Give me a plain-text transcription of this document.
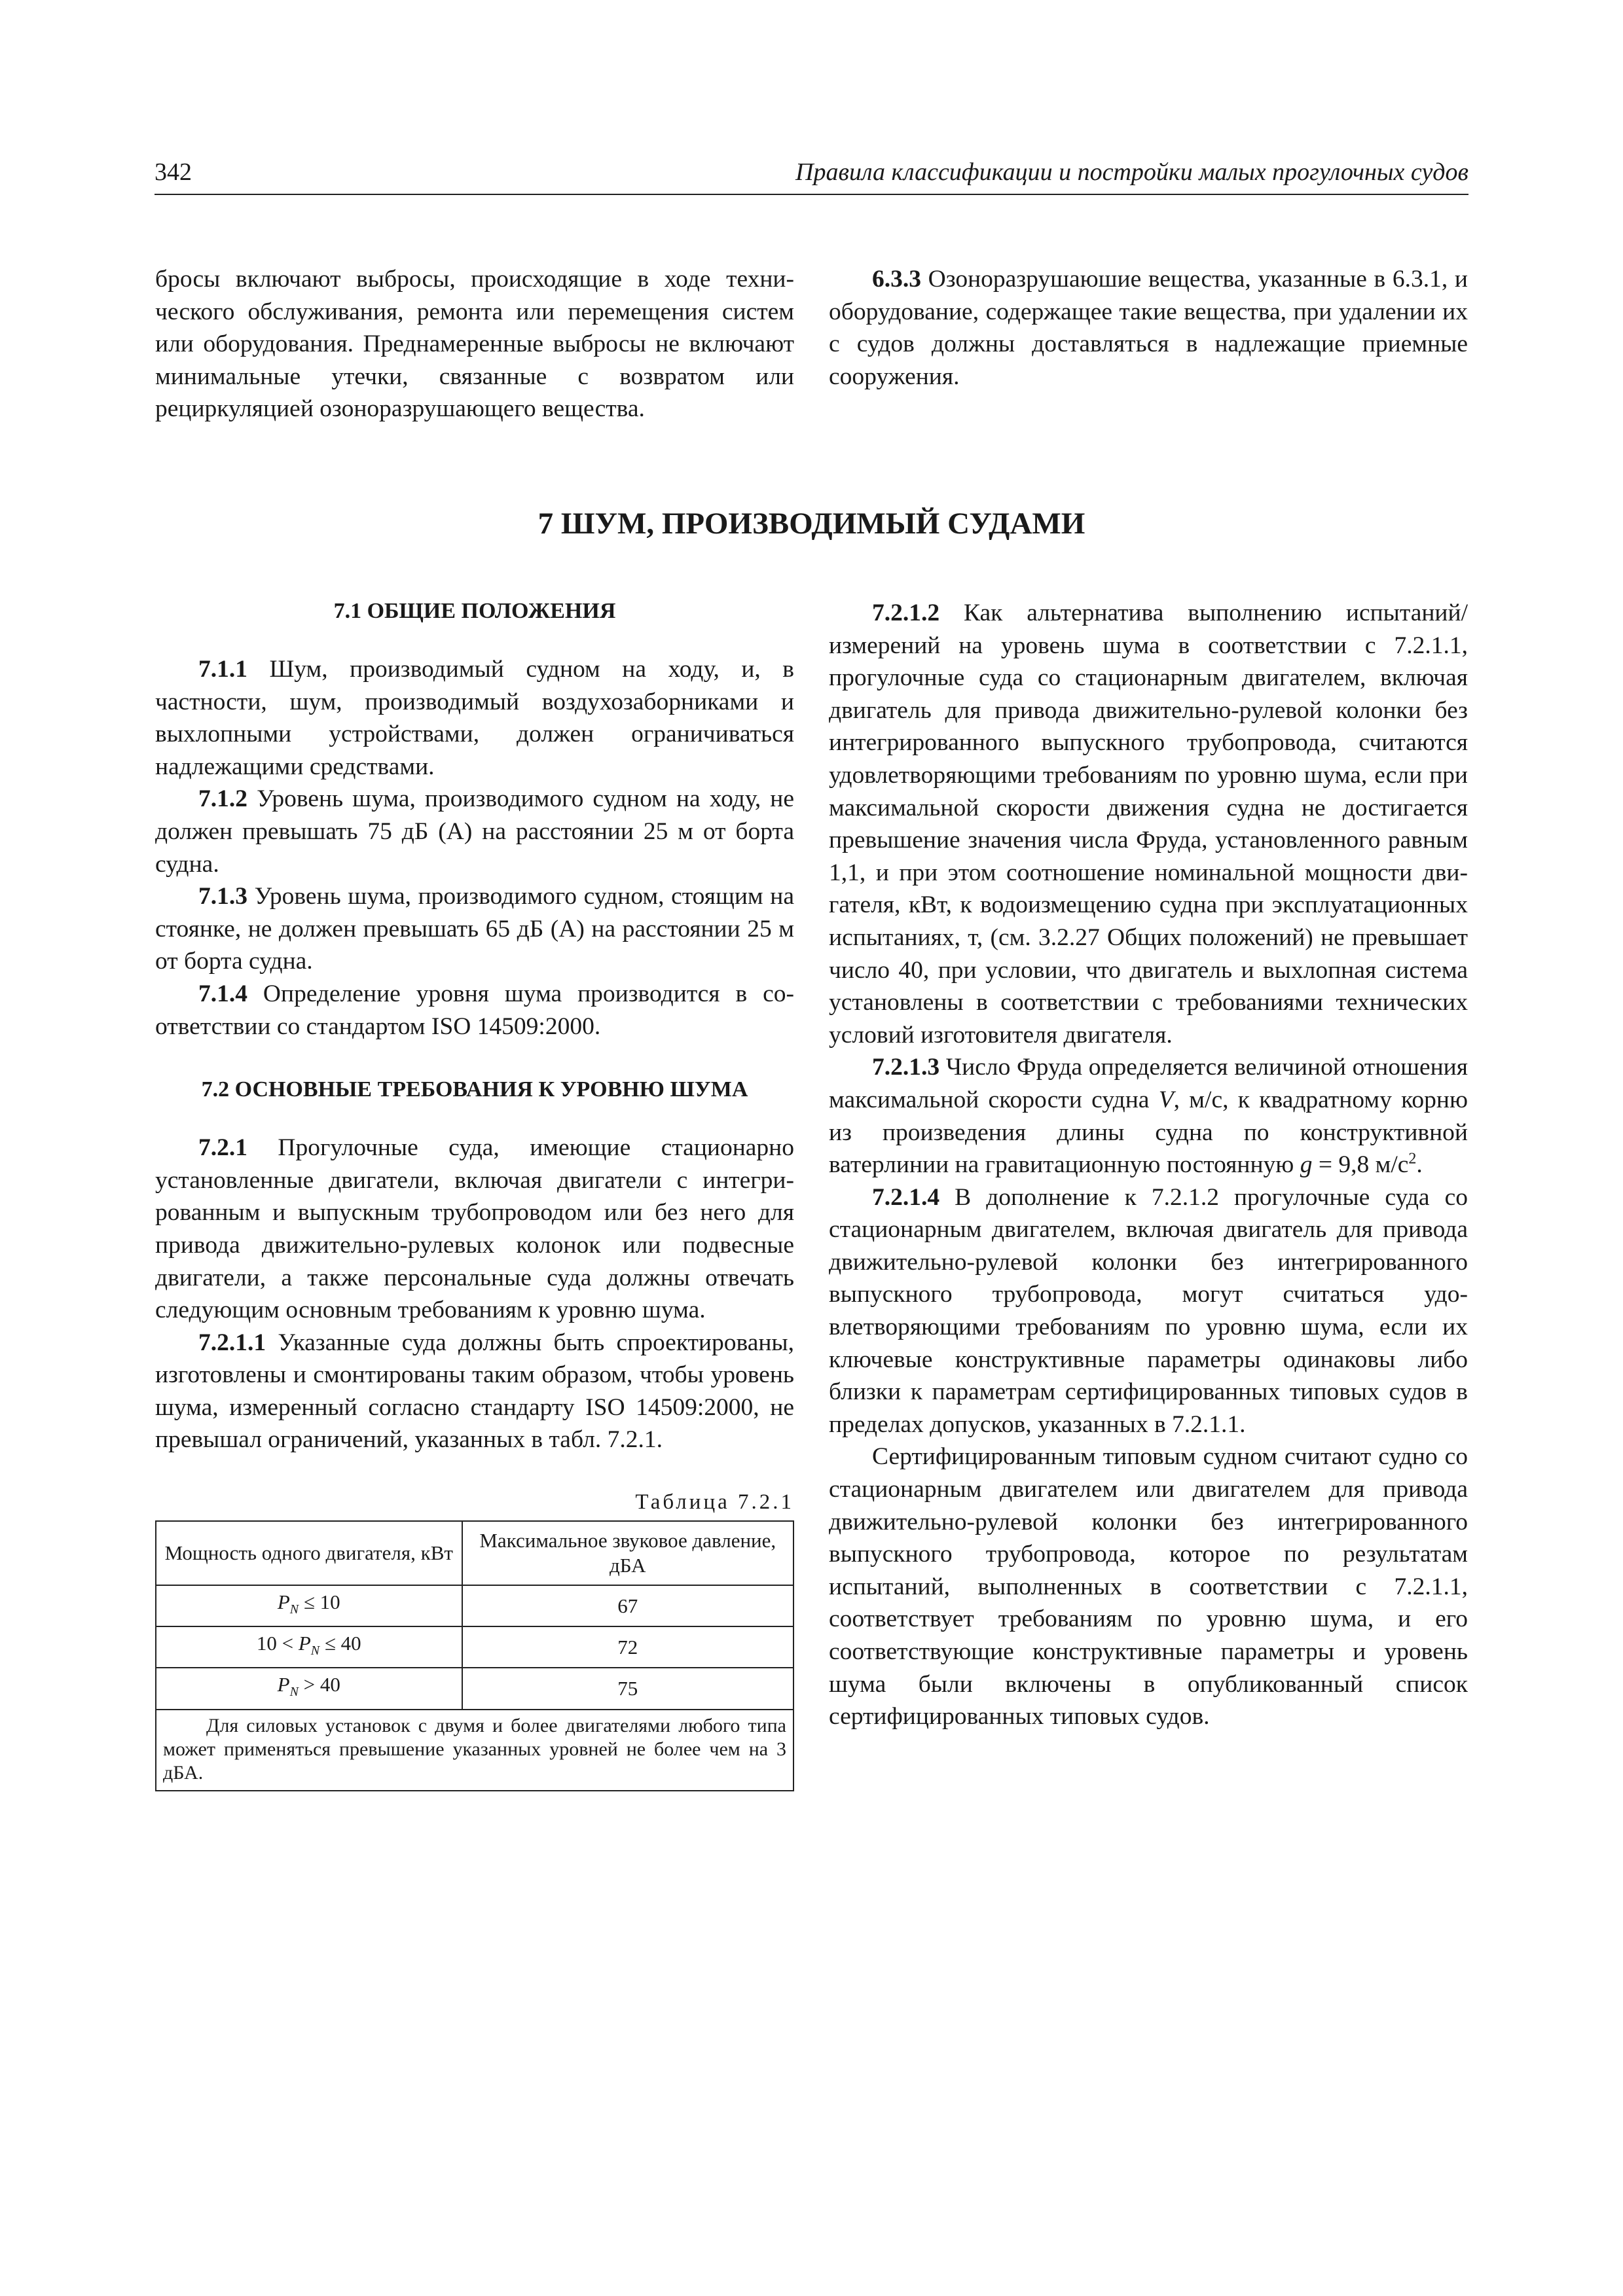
342	Правила классификации и постройки малых прогулочных судов

бросы включают выбросы, происходящие в ходе технического обслуживания, ремонта или перемещения систем или оборудования. Преднамеренные выбросы не включают минимальные утечки, связанные с возвратом или рециркуляцией озоноразрушающего вещества.

6.3.3 Озоноразрушаюшие вещества, указанные в 6.3.1, и оборудование, содержащее такие вещества, при удалении их с судов должны доставляться в надлежащие приемные сооружения.

7 ШУМ, ПРОИЗВОДИМЫЙ СУДАМИ
7.1 ОБЩИЕ ПОЛОЖЕНИЯ

7.1.1 Шум, производимый судном на ходу, и, в частности, шум, производимый воздухозаборниками и выхлопными устройствами, должен ограничиваться надлежащими средствами.

7.1.2 Уровень шума, производимого судном на ходу, не должен превышать 75 дБ (A) на расстоянии 25 м от борта судна.

7.1.3 Уровень шума, производимого судном, стоящим на стоянке, не должен превышать 65 дБ (A) на расстоянии 25 м от борта судна.

7.1.4 Определение уровня шума производится в соответствии со стандартом ISO 14509:2000.

7.2 ОСНОВНЫЕ ТРЕБОВАНИЯ К УРОВНЮ ШУМА

7.2.1 Прогулочные суда, имеющие стационарно установленные двигатели, включая двигатели с интегрированным и выпускным трубопроводом или без него для привода движительно-рулевых колонок или подвесные двигатели, а также персональные суда должны отвечать следующим основным требованиям к уровню шума.

7.2.1.1 Указанные суда должны быть спроектированы, изготовлены и смонтированы таким образом, чтобы уровень шума, измеренный согласно стандарту ISO 14509:2000, не превышал ограничений, указанных в табл. 7.2.1.

Таблица 7.2.1
Мощность одного двигателя, кВт	Максимальное звуковое давление, дБА
$P_N \le 10$	67
$10 < P_N \le 40$	72
$P_N > 40$	75
Для силовых установок с двумя и более двигателями любого типа может применяться превышение указанных уровней не более чем на 3 дБА.	

7.2.1.2 Как альтернатива выполнению испытаний/измерений на уровень шума в соответствии с 7.2.1.1, прогулочные суда со стационарным двигателем, включая двигатель для привода движительно-рулевой колонки без интегрированного выпускного трубопровода, считаются удовлетворяющими требованиям по уровню шума, если при максимальной скорости движения судна не достигается превышение значения числа Фруда, установленного равным 1,1, и при этом соотношение номинальной мощности двигателя, кВт, к водоизмещению судна при эксплуатационных испытаниях, т, (см. 3.2.27 Общих положений) не превышает число 40, при условии, что двигатель и выхлопная система установлены в соответствии с требованиями технических условий изготовителя двигателя.

7.2.1.3 Число Фруда определяется величиной отношения максимальной скорости судна V, м/с, к квадратному корню из произведения длины судна по конструктивной ватерлинии на гравитационную постоянную g = 9,8 $м/с^2$.

7.2.1.4 В дополнение к 7.2.1.2 прогулочные суда со стационарным двигателем, включая двигатель для привода движительно-рулевой колонки без интегрированного выпускного трубопровода, могут считаться удовлетворяющими требованиям по уровню шума, если их ключевые конструктивные параметры одинаковы либо близки к параметрам сертифицированных типовых судов в пределах допусков, указанных в 7.2.1.1.

Сертифицированным типовым судном считают судно со стационарным двигателем или двигателем для привода движительно-рулевой колонки без интегрированного выпускного трубопровода, которое по результатам испытаний, выполненных в соответствии с 7.2.1.1, соответствует требованиям по уровню шума, и его соответствующие конструктивные параметры и уровень шума были включены в опубликованный список сертифицированных типовых судов.
